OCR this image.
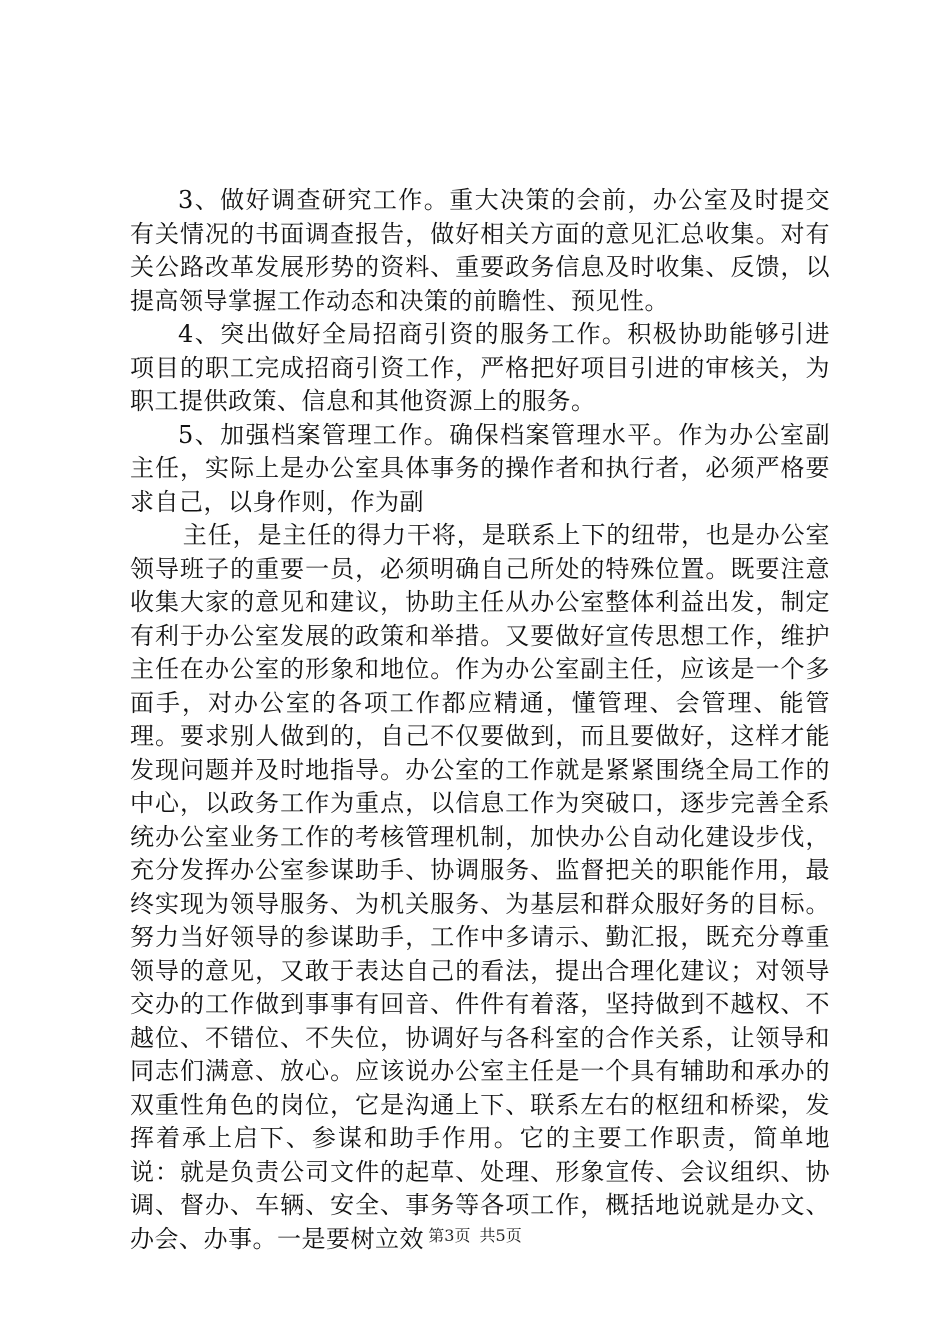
3、做好调查研究工作。重大决策的会前，办公室及时提交有关情况的书面调查报告，做好相关方面的意见汇总收集。对有关公路改革发展形势的资料、重要政务信息及时收集、反馈，以提高领导掌握工作动态和决策的前瞻性、预见性。

4、突出做好全局招商引资的服务工作。积极协助能够引进项目的职工完成招商引资工作，严格把好项目引进的审核关，为职工提供政策、信息和其他资源上的服务。

5、加强档案管理工作。确保档案管理水平。作为办公室副主任，实际上是办公室具体事务的操作者和执行者，必须严格要求自己，以身作则，作为副

主任，是主任的得力干将，是联系上下的纽带，也是办公室领导班子的重要一员，必须明确自己所处的特殊位置。既要注意收集大家的意见和建议，协助主任从办公室整体利益出发，制定有利于办公室发展的政策和举措。又要做好宣传思想工作，维护主任在办公室的形象和地位。作为办公室副主任，应该是一个多面手，对办公室的各项工作都应精通，懂管理、会管理、能管理。要求别人做到的，自己不仅要做到，而且要做好，这样才能发现问题并及时地指导。办公室的工作就是紧紧围绕全局工作的中心，以政务工作为重点，以信息工作为突破口，逐步完善全系统办公室业务工作的考核管理机制，加快办公自动化建设步伐，充分发挥办公室参谋助手、协调服务、监督把关的职能作用，最终实现为领导服务、为机关服务、为基层和群众服好务的目标。努力当好领导的参谋助手，工作中多请示、勤汇报，既充分尊重领导的意见，又敢于表达自己的看法，提出合理化建议；对领导交办的工作做到事事有回音、件件有着落，坚持做到不越权、不越位、不错位、不失位，协调好与各科室的合作关系，让领导和同志们满意、放心。应该说办公室主任是一个具有辅助和承办的双重性角色的岗位，它是沟通上下、联系左右的枢纽和桥梁，发挥着承上启下、参谋和助手作用。它的主要工作职责，简单地说：就是负责公司文件的起草、处理、形象宣传、会议组织、协调、督办、车辆、安全、事务等各项工作，概括地说就是办文、办会、办事。一是要树立效 第3页 共5页
